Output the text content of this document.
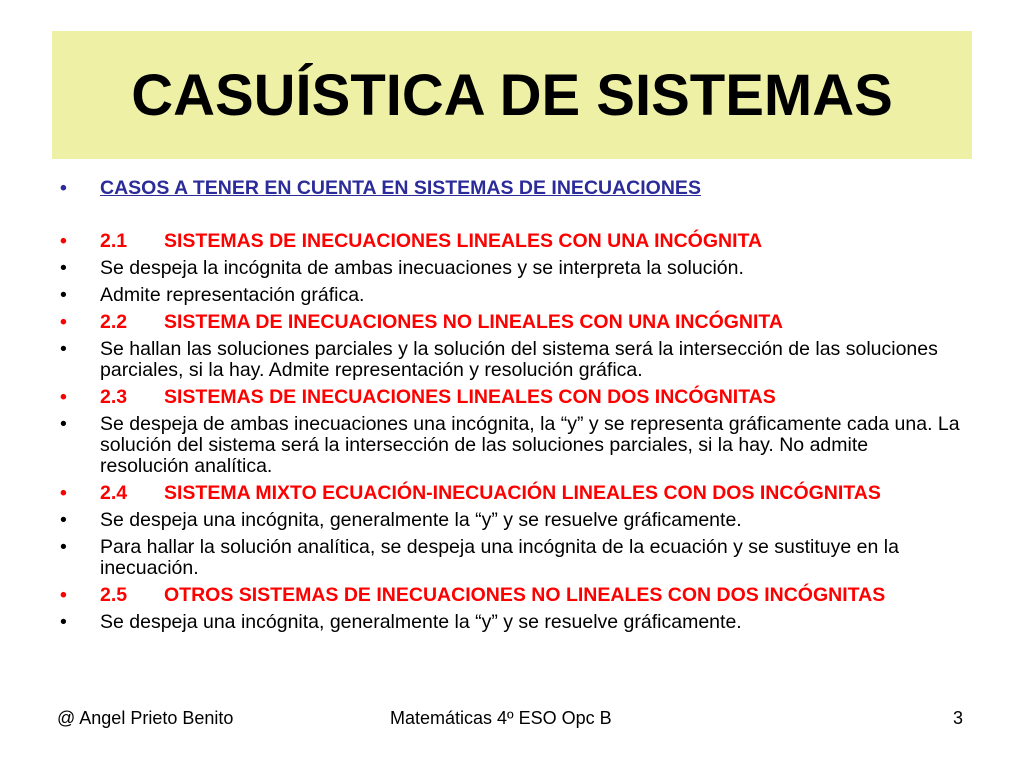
CASUÍSTICA DE SISTEMAS
•	CASOS A TENER EN CUENTA EN SISTEMAS DE INECUACIONES
•	2.1 SISTEMAS DE INECUACIONES LINEALES CON UNA INCÓGNITA
•	Se despeja la incógnita de ambas inecuaciones y se interpreta la solución.
•	Admite representación gráfica.
•	2.2 SISTEMA DE INECUACIONES NO LINEALES CON UNA INCÓGNITA
•	Se hallan las soluciones parciales y la solución del sistema será la intersección de las soluciones parciales, si la hay. Admite representación y resolución gráfica.
•	2.3 SISTEMAS DE INECUACIONES LINEALES CON DOS INCÓGNITAS
•	Se despeja de ambas inecuaciones una incógnita, la “y” y se representa gráficamente cada una. La solución del sistema será la intersección de las soluciones parciales, si la hay. No admite resolución analítica.
•	2.4 SISTEMA MIXTO ECUACIÓN-INECUACIÓN LINEALES CON DOS INCÓGNITAS
•	Se despeja una incógnita, generalmente la “y” y se resuelve gráficamente.
•	Para hallar la solución analítica, se despeja una incógnita de la ecuación y se sustituye en la inecuación.
•	2.5 OTROS SISTEMAS DE INECUACIONES NO LINEALES CON DOS INCÓGNITAS
•	Se despeja una incógnita, generalmente la “y” y se resuelve gráficamente.
@ Angel Prieto Benito	Matemáticas 4º ESO Opc B	3
